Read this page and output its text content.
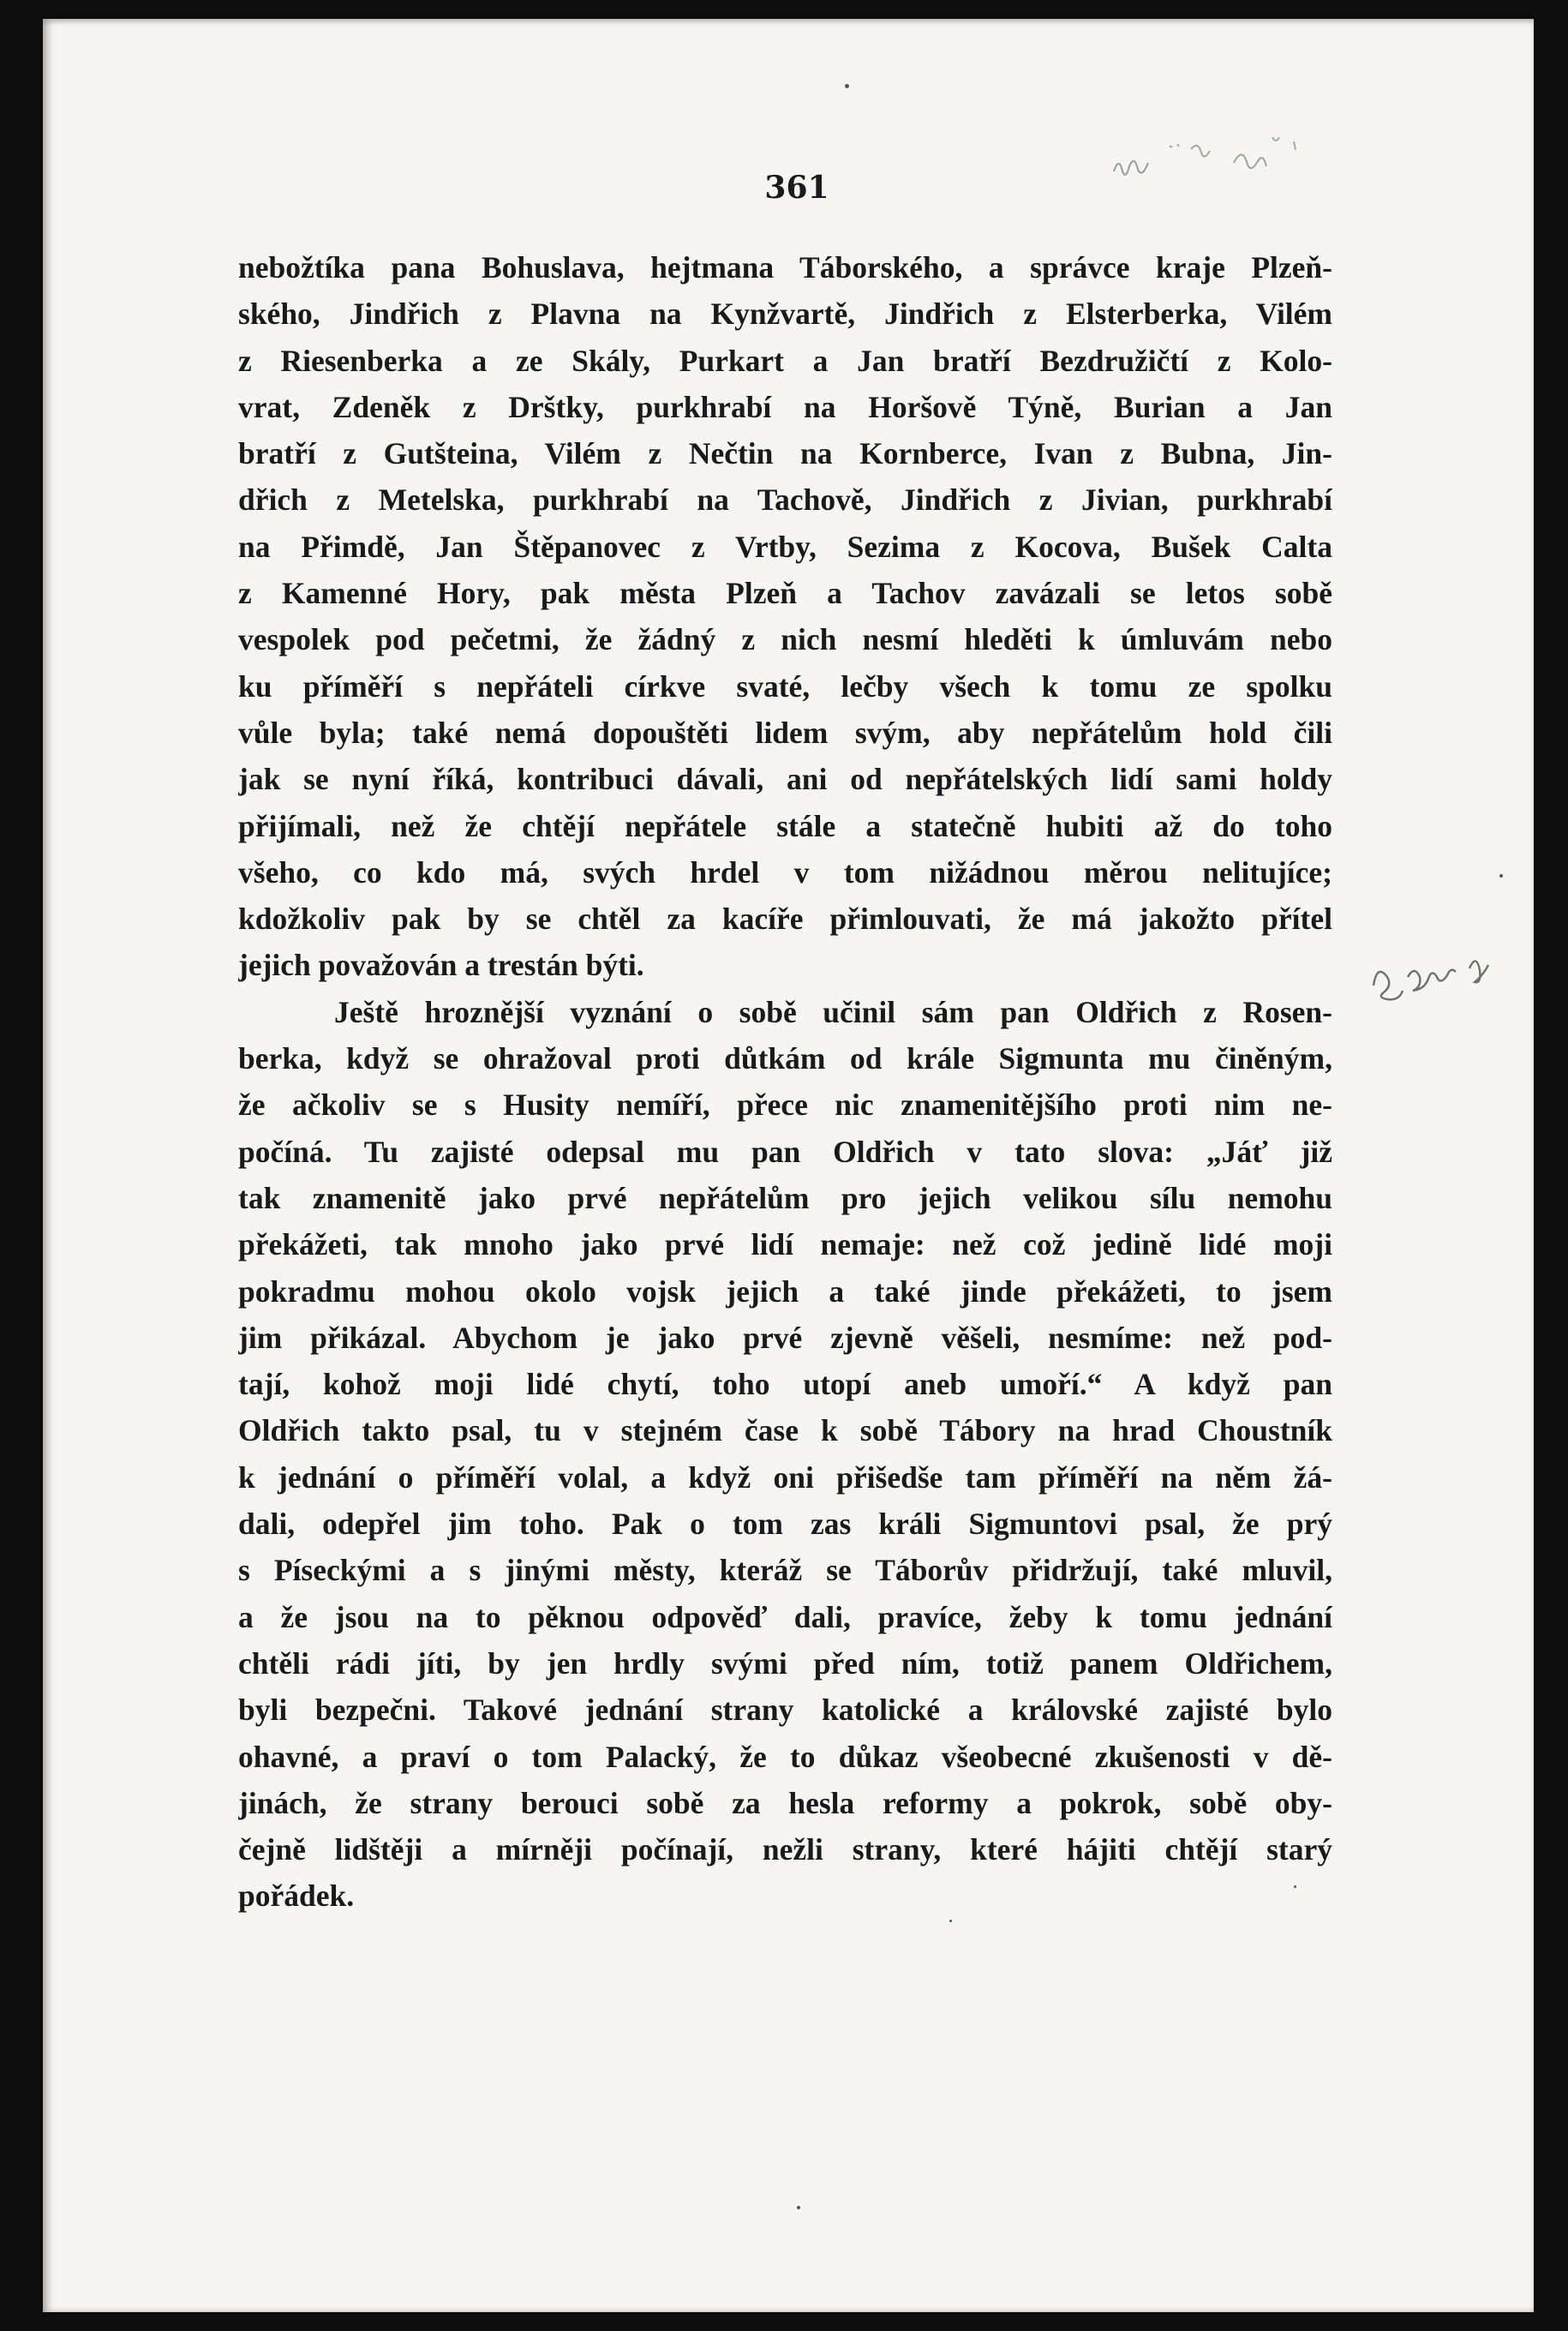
361
nebožtíka pana Bohuslava, hejtmana Táborského, a správce kraje Plzeň-
ského, Jindřich z Plavna na Kynžvartě, Jindřich z Elsterberka, Vilém
z Riesenberka a ze Skály, Purkart a Jan bratří Bezdružičtí z Kolo-
vrat, Zdeněk z Drštky, purkhrabí na Horšově Týně, Burian a Jan
bratří z Gutšteina, Vilém z Nečtin na Kornberce, Ivan z Bubna, Jin-
dřich z Metelska, purkhrabí na Tachově, Jindřich z Jivian, purkhrabí
na Přimdě, Jan Štěpanovec z Vrtby, Sezima z Kocova, Bušek Calta
z Kamenné Hory, pak města Plzeň a Tachov zavázali se letos sobě
vespolek pod pečetmi, že žádný z nich nesmí hleděti k úmluvám nebo
ku příměří s nepřáteli církve svaté, lečby všech k tomu ze spolku
vůle byla; také nemá dopouštěti lidem svým, aby nepřátelům hold čili
jak se nyní říká, kontribuci dávali, ani od nepřátelských lidí sami holdy
přijímali, než že chtějí nepřátele stále a statečně hubiti až do toho
všeho, co kdo má, svých hrdel v tom nižádnou měrou nelitujíce;
kdožkoliv pak by se chtěl za kacíře přimlouvati, že má jakožto přítel
jejich považován a trestán býti.
Ještě hroznější vyznání o sobě učinil sám pan Oldřich z Rosen-
berka, když se ohražoval proti důtkám od krále Sigmunta mu činěným,
že ačkoliv se s Husity nemíří, přece nic znamenitějšího proti nim ne-
počíná. Tu zajisté odepsal mu pan Oldřich v tato slova: „Jáť již
tak znamenitě jako prvé nepřátelům pro jejich velikou sílu nemohu
překážeti, tak mnoho jako prvé lidí nemaje: než což jedině lidé moji
pokradmu mohou okolo vojsk jejich a také jinde překážeti, to jsem
jim přikázal. Abychom je jako prvé zjevně věšeli, nesmíme: než pod-
tají, kohož moji lidé chytí, toho utopí aneb umoří.“ A když pan
Oldřich takto psal, tu v stejném čase k sobě Tábory na hrad Choustník
k jednání o příměří volal, a když oni přišedše tam příměří na něm žá-
dali, odepřel jim toho. Pak o tom zas králi Sigmuntovi psal, že prý
s Píseckými a s jinými městy, kteráž se Táborův přidržují, také mluvil,
a že jsou na to pěknou odpověď dali, pravíce, žeby k tomu jednání
chtěli rádi jíti, by jen hrdly svými před ním, totiž panem Oldřichem,
byli bezpečni. Takové jednání strany katolické a královské zajisté bylo
ohavné, a praví o tom Palacký, že to důkaz všeobecné zkušenosti v dě-
jinách, že strany berouci sobě za hesla reformy a pokrok, sobě oby-
čejně lidštěji a mírněji počínají, nežli strany, které hájiti chtějí starý
pořádek.
